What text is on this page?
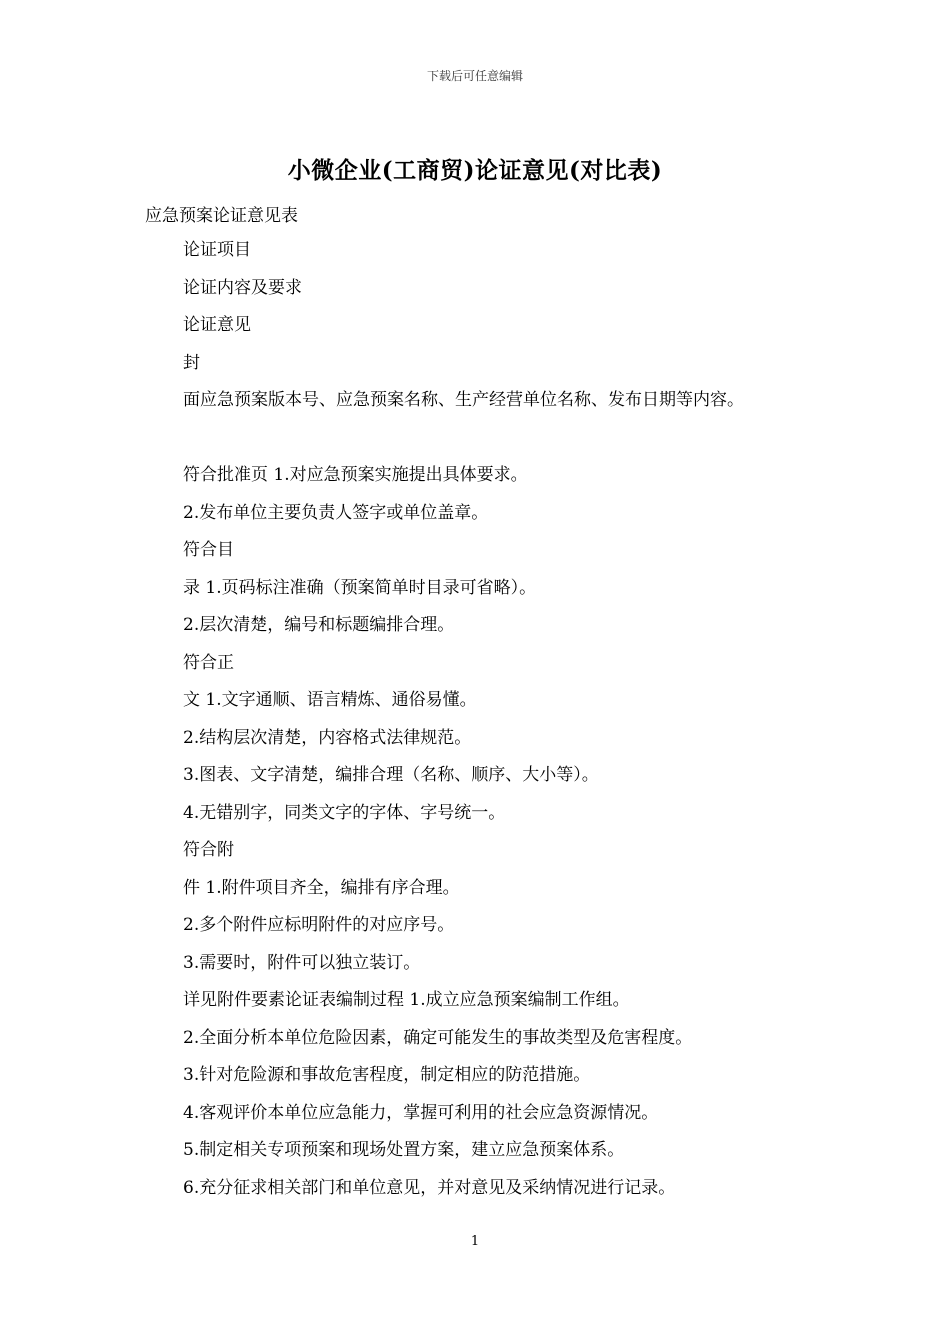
下载后可任意编辑
小微企业(工商贸)论证意见(对比表)
应急预案论证意见表
论证项目
论证内容及要求
论证意见
封
面应急预案版本号、应急预案名称、生产经营单位名称、发布日期等内容。
符合批准页 1.对应急预案实施提出具体要求。
2.发布单位主要负责人签字或单位盖章。
符合目
录 1.页码标注准确（预案简单时目录可省略）。
2.层次清楚，编号和标题编排合理。
符合正
文 1.文字通顺、语言精炼、通俗易懂。
2.结构层次清楚，内容格式法律规范。
3.图表、文字清楚，编排合理（名称、顺序、大小等）。
4.无错别字，同类文字的字体、字号统一。
符合附
件 1.附件项目齐全，编排有序合理。
2.多个附件应标明附件的对应序号。
3.需要时，附件可以独立装订。
详见附件要素论证表编制过程 1.成立应急预案编制工作组。
2.全面分析本单位危险因素，确定可能发生的事故类型及危害程度。
3.针对危险源和事故危害程度，制定相应的防范措施。
4.客观评价本单位应急能力，掌握可利用的社会应急资源情况。
5.制定相关专项预案和现场处置方案，建立应急预案体系。
6.充分征求相关部门和单位意见，并对意见及采纳情况进行记录。
1
